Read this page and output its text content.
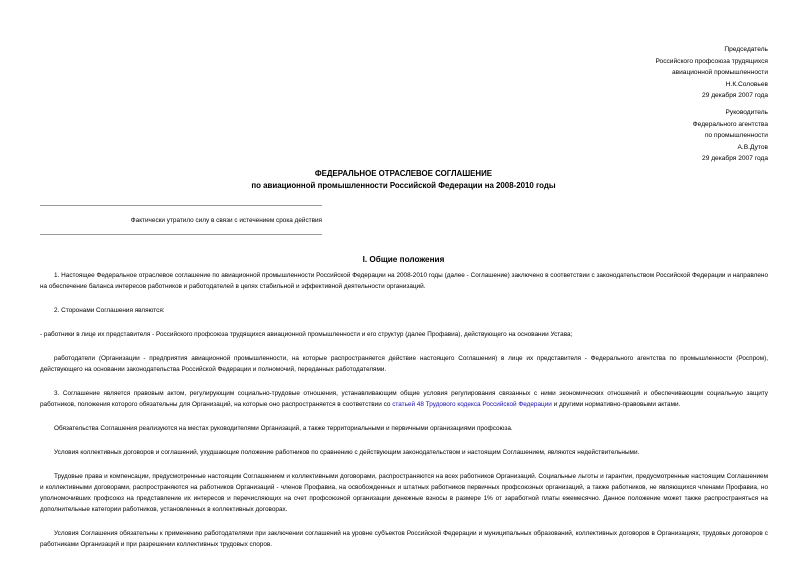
Председатель
Российского профсоюза трудящихся
авиационной промышленности
Н.К.Соловьев
29 декабря 2007 года
Руководитель
Федерального агентства
по промышленности
А.В.Дутов
29 декабря 2007 года
ФЕДЕРАЛЬНОЕ ОТРАСЛЕВОЕ СОГЛАШЕНИЕ
по авиационной промышленности Российской Федерации на 2008-2010 годы
Фактически утратило силу в связи с истечением срока действия
I. Общие положения

1. Настоящее Федеральное отраслевое соглашение по авиационной промышленности Российской Федерации на 2008-2010 годы (далее - Соглашение) заключено в соответствии с законодательством Российской Федерации и направлено на обеспечение баланса интересов работников и работодателей в целях стабильной и эффективной деятельности организаций.

2. Сторонами Соглашения являются:

- работники в лице их представителя - Российского профсоюза трудящихся авиационной промышленности и его структур (далее Профавиа), действующего на основании Устава;

работодатели (Организации - предприятия авиационной промышленности, на которые распространяется действие настоящего Соглашения) в лице их представителя - Федерального агентства по промышленности (Роспром), действующего на основании законодательства Российской Федерации и полномочий, переданных работодателями.

3. Соглашение является правовым актом, регулирующим социально-трудовые отношения, устанавливающим общие условия регулирования связанных с ними экономических отношений и обеспечивающим социальную защиту работников, положения которого обязательны для Организаций, на которые оно распространяется в соответствии со статьей 48 Трудового кодекса Российской Федерации и другими нормативно-правовыми актами.

Обязательства Соглашения реализуются на местах руководителями Организаций, а также территориальными и первичными организациями профсоюза.

Условия коллективных договоров и соглашений, ухудшающие положение работников по сравнению с действующим законодательством и настоящим Соглашением, являются недействительными.

Трудовые права и компенсации, предусмотренные настоящим Соглашением и коллективными договорами, распространяются на всех работников Организаций. Социальные льготы и гарантии, предусмотренные настоящим Соглашением и коллективными договорами, распространяются на работников Организаций - членов Профавиа, на освобожденных и штатных работников первичных профсоюзных организаций, а также работников, не являющихся членами Профавиа, но уполномочивших профсоюз на представление их интересов и перечисляющих на счет профсоюзной организации денежные взносы в размере 1% от заработной платы ежемесячно. Данное положение может также распространяться на дополнительные категории работников, установленных в коллективных договорах.

Условия Соглашения обязательны к применению работодателями при заключении соглашений на уровне субъектов Российской Федерации и муниципальных образований, коллективных договоров в Организациях, трудовых договоров с работниками Организаций и при разрешении коллективных трудовых споров.
